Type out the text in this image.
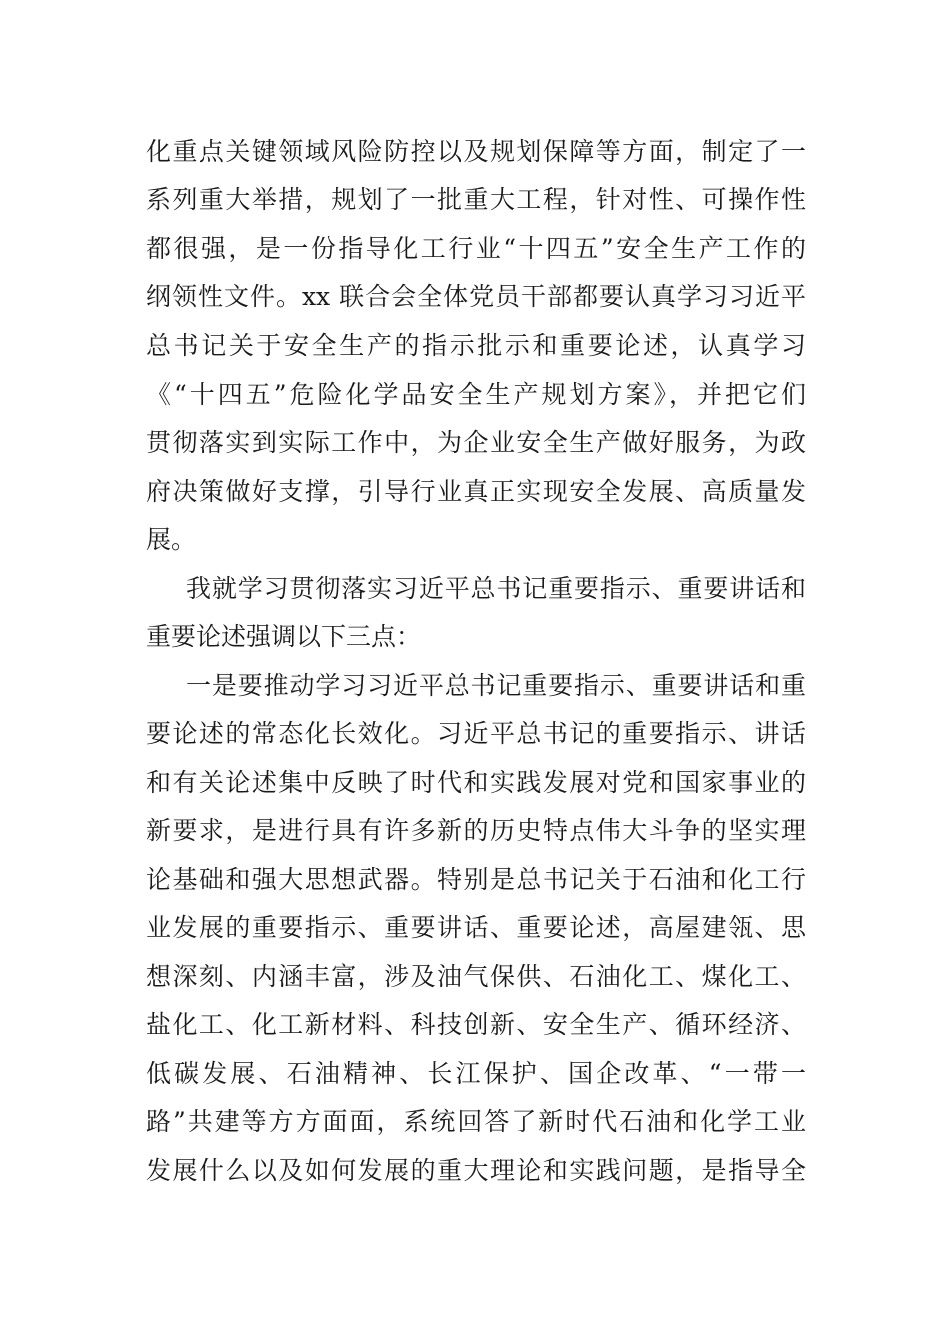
化重点关键领域风险防控以及规划保障等方面，制定了一
系列重大举措，规划了一批重大工程，针对性、可操作性
都很强，是一份指导化工行业“十四五”安全生产工作的
纲领性文件。xx 联合会全体党员干部都要认真学习习近平
总书记关于安全生产的指示批示和重要论述，认真学习
《“十四五”危险化学品安全生产规划方案》，并把它们
贯彻落实到实际工作中，为企业安全生产做好服务，为政
府决策做好支撑，引导行业真正实现安全发展、高质量发
展。
我就学习贯彻落实习近平总书记重要指示、重要讲话和
重要论述强调以下三点：
一是要推动学习习近平总书记重要指示、重要讲话和重
要论述的常态化长效化。习近平总书记的重要指示、讲话
和有关论述集中反映了时代和实践发展对党和国家事业的
新要求，是进行具有许多新的历史特点伟大斗争的坚实理
论基础和强大思想武器。特别是总书记关于石油和化工行
业发展的重要指示、重要讲话、重要论述，高屋建瓴、思
想深刻、内涵丰富，涉及油气保供、石油化工、煤化工、
盐化工、化工新材料、科技创新、安全生产、循环经济、
低碳发展、石油精神、长江保护、国企改革、“一带一
路”共建等方方面面，系统回答了新时代石油和化学工业
发展什么以及如何发展的重大理论和实践问题，是指导全
